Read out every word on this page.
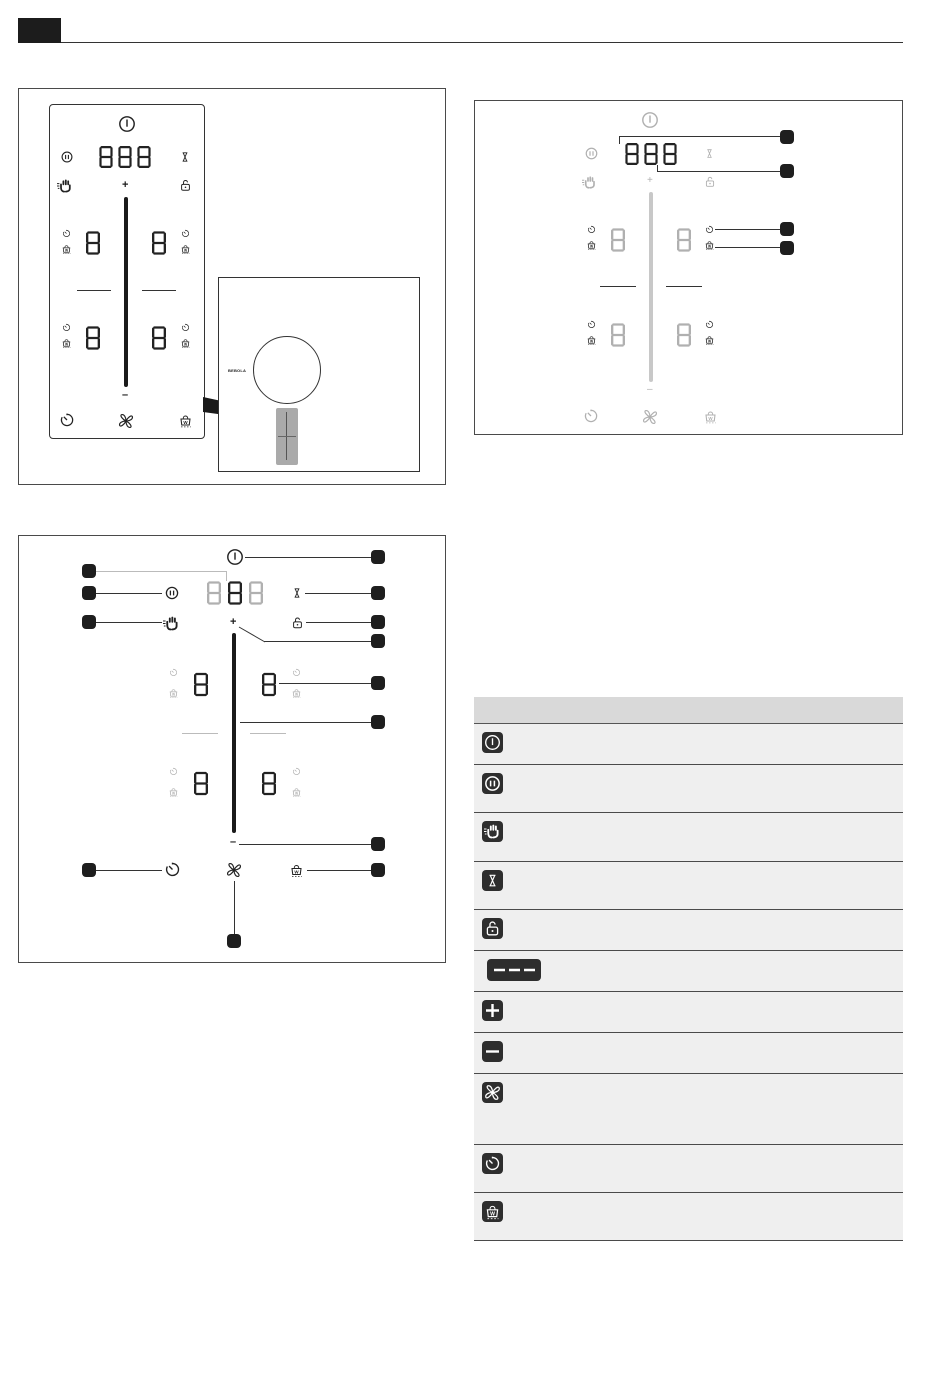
+
–
BEBOLA
+
–
+
–
